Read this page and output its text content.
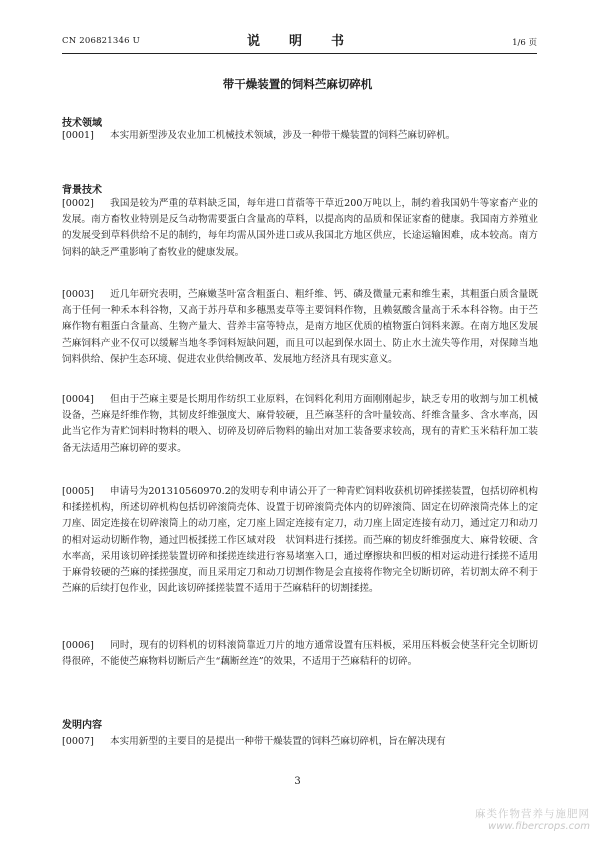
CN 206821346 U	说　明　书	1/6 页
带干燥装置的饲料苎麻切碎机
技术领域

[0001] 本实用新型涉及农业加工机械技术领域，涉及一种带干燥装置的饲料苎麻切碎机。

背景技术

[0002] 我国是较为严重的草料缺乏国，每年进口苜蓿等干草近200万吨以上，制约着我国奶牛等家畜产业的发展。南方畜牧业特别是反刍动物需要蛋白含量高的草料，以提高肉的品质和保证家畜的健康。我国南方养殖业的发展受到草料供给不足的制约，每年均需从国外进口或从我国北方地区供应，长途运输困难，成本较高。南方饲料的缺乏严重影响了畜牧业的健康发展。

[0003] 近几年研究表明，苎麻嫩茎叶富含粗蛋白、粗纤维、钙、磷及微量元素和维生素，其粗蛋白质含量既高于任何一种禾本科谷物，又高于苏丹草和多穗黑麦草等主要饲料作物，且赖氨酸含量高于禾本科谷物。由于苎麻作物有粗蛋白含量高、生物产量大、营养丰富等特点，是南方地区优质的植物蛋白饲料来源。在南方地区发展苎麻饲料产业不仅可以缓解当地冬季饲料短缺问题，而且可以起到保水固土、防止水土流失等作用，对保障当地饲料供给、保护生态环境、促进农业供给侧改革、发展地方经济具有现实意义。

[0004] 但由于苎麻主要是长期用作纺织工业原料，在饲料化利用方面刚刚起步，缺乏专用的收割与加工机械设备，苎麻是纤维作物，其韧皮纤维强度大、麻骨较硬，且苎麻茎秆的含叶量较高、纤维含量多、含水率高，因此当它作为青贮饲料时物料的喂入、切碎及切碎后物料的输出对加工装备要求较高，现有的青贮玉米秸秆加工装备无法适用苎麻切碎的要求。

[0005] 申请号为201310560970.2的发明专利申请公开了一种青贮饲料收获机切碎揉搓装置，包括切碎机构和揉搓机构，所述切碎机构包括切碎滚筒壳体、设置于切碎滚筒壳体内的切碎滚筒、固定在切碎滚筒壳体上的定刀座、固定连接在切碎滚筒上的动刀座，定刀座上固定连接有定刀，动刀座上固定连接有动刀，通过定刀和动刀的相对运动切断作物，通过凹板揉搓工作区域对段　状饲料进行揉搓。而苎麻的韧皮纤维强度大、麻骨较硬、含水率高，采用该切碎揉搓装置切碎和揉搓连续进行容易堵塞入口，通过摩擦块和凹板的相对运动进行揉搓不适用于麻骨较硬的苎麻的揉搓强度，而且采用定刀和动刀切割作物是会直接将作物完全切断切碎，若切割太碎不利于苎麻的后续打包作业，因此该切碎揉搓装置不适用于苎麻秸秆的切割揉搓。

[0006] 同时，现有的切料机的切料滚筒靠近刀片的地方通常设置有压料板，采用压料板会使茎秆完全切断切得很碎，不能使苎麻物料切断后产生“藕断丝连”的效果，不适用于苎麻秸秆的切碎。

发明内容

[0007] 本实用新型的主要目的是提出一种带干燥装置的饲料苎麻切碎机，旨在解决现有

3
麻类作物营养与施肥网
www.fibercrops.com
